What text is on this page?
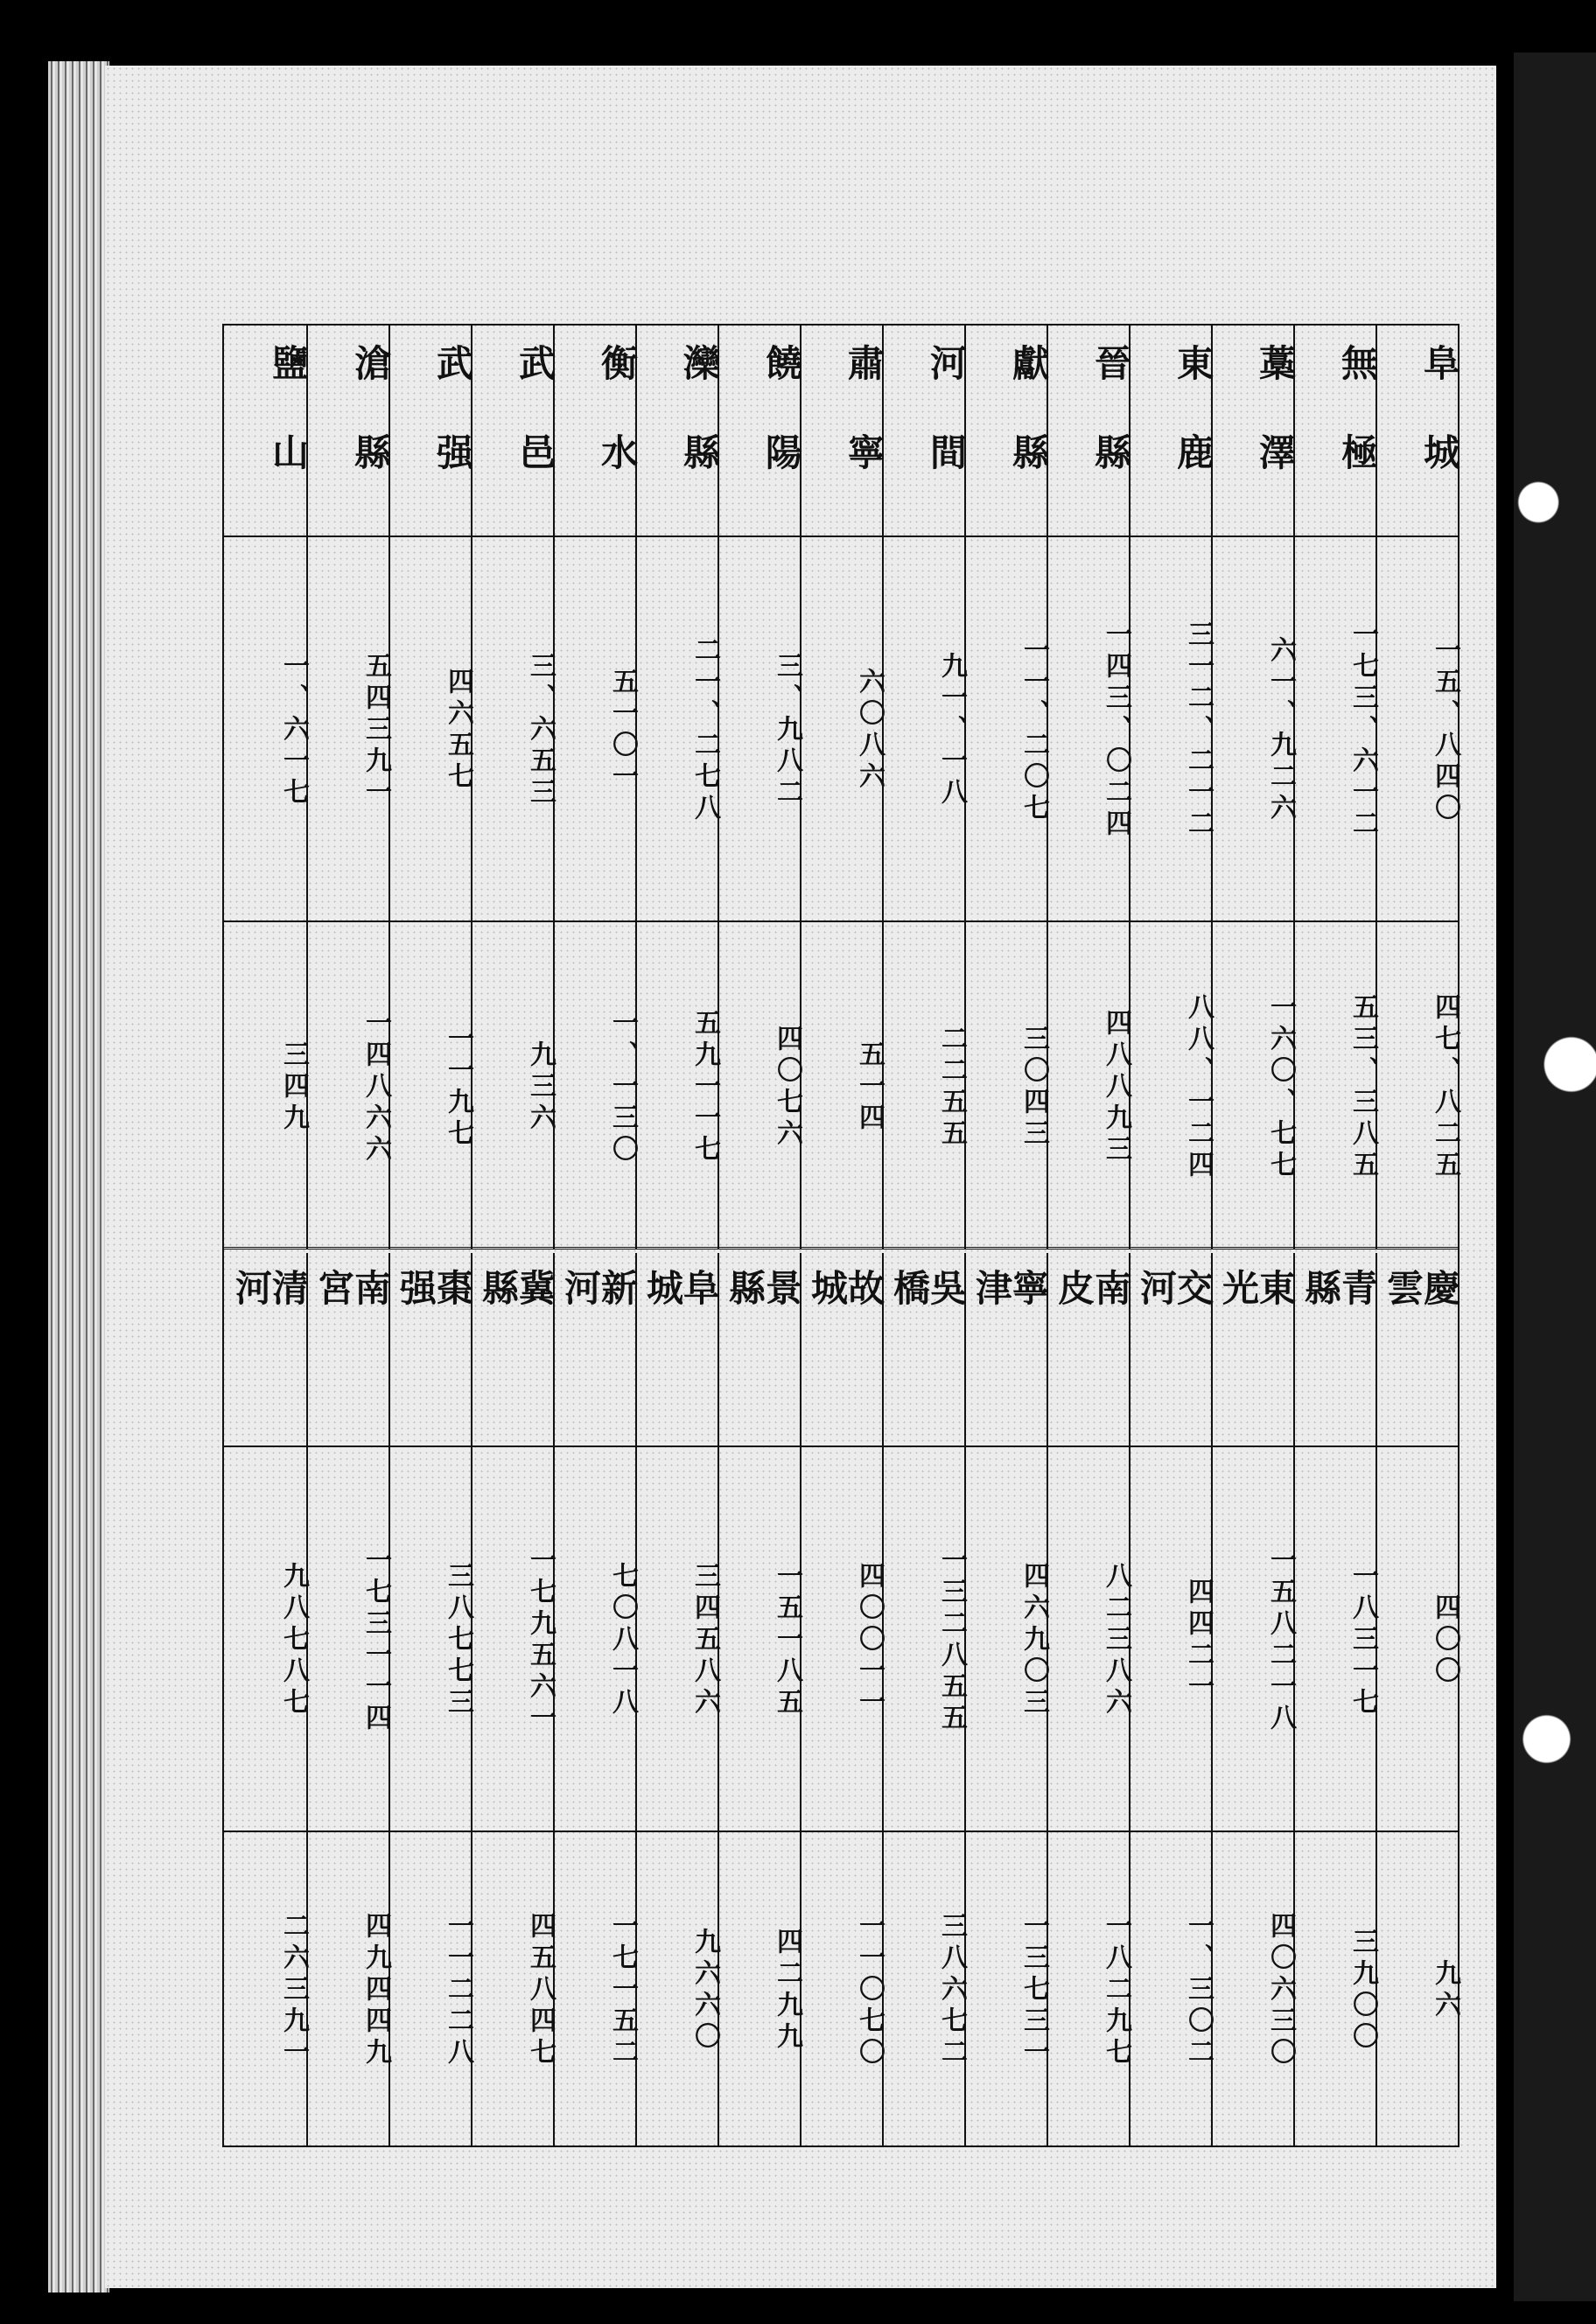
阜城
一五、八四〇
四七、八二五
無極
一七三、六一二
五三、三八五
藁澤
六一、九二六
一六〇、七七
東鹿
三一二、二一二
八八、一二四
晉縣
一四三、〇二四
四八八九三
獻縣
一一、二〇七
三〇四三
河間
九一、一八
二二五五
肅寧
六〇八六
五一四
饒陽
三、九八二
四〇七六
灤縣
二一、二七八
五九一一七
衡水
五一〇一
一、一三〇
武邑
三、六五三
九三六
武强
四六五七
一一九七
滄縣
五四三九一
一四八六六
鹽山
一、六一七
三四九
慶雲
四〇〇
九六
青縣
一八三一七
三九〇〇
東光
一五八二一八
四〇六三〇
交河
四四二一
一、三〇二
南皮
八二三八六
一八二九七
寧津
四六九〇三
一三七三一
吳橋
一三二八五五
三八六七二
故城
四〇〇一一
一一〇七〇
景縣
一五一八五
四二九九
阜城
三四五八六
九六六〇
新河
七〇八一八
一七一五二
冀縣
一七九五六一
四五八四七
棗强
三八七七三
一一二二八
南宮
一七三一一四
四九四四九
清河
九八七八七
二六三九一
